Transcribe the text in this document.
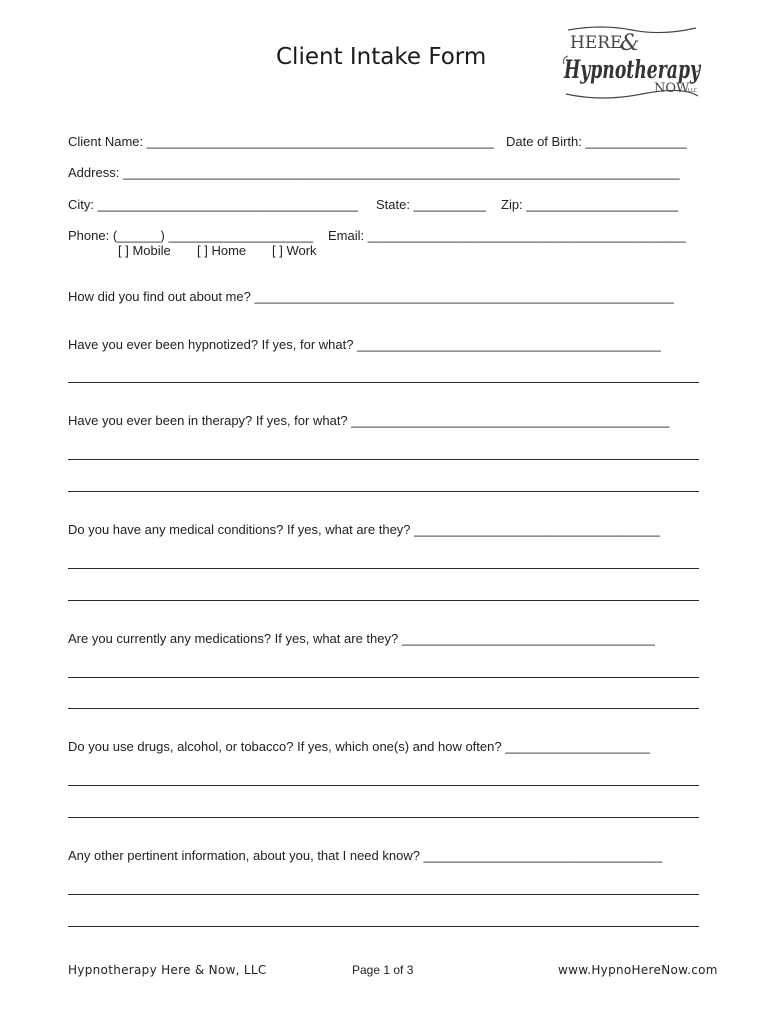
Client Intake Form
HERE
&
Hypnotherapy
NOW
LLC
Client Name: ________________________________________________ Date of Birth: ______________
Address: _____________________________________________________________________________
City: ____________________________________ State: __________ Zip: _____________________
Phone: (______) ____________________ Email: ____________________________________________
[ ] Mobile [ ] Home [ ] Work
How did you find out about me? __________________________________________________________
Have you ever been hypnotized? If yes, for what? __________________________________________
Have you ever been in therapy? If yes, for what? ____________________________________________
Do you have any medical conditions? If yes, what are they? __________________________________
Are you currently any medications? If yes, what are they? ___________________________________
Do you use drugs, alcohol, or tobacco? If yes, which one(s) and how often? ____________________
Any other pertinent information, about you, that I need know? _________________________________
Hypnotherapy Here & Now, LLC	Page 1 of 3	www.HypnoHereNow.com
